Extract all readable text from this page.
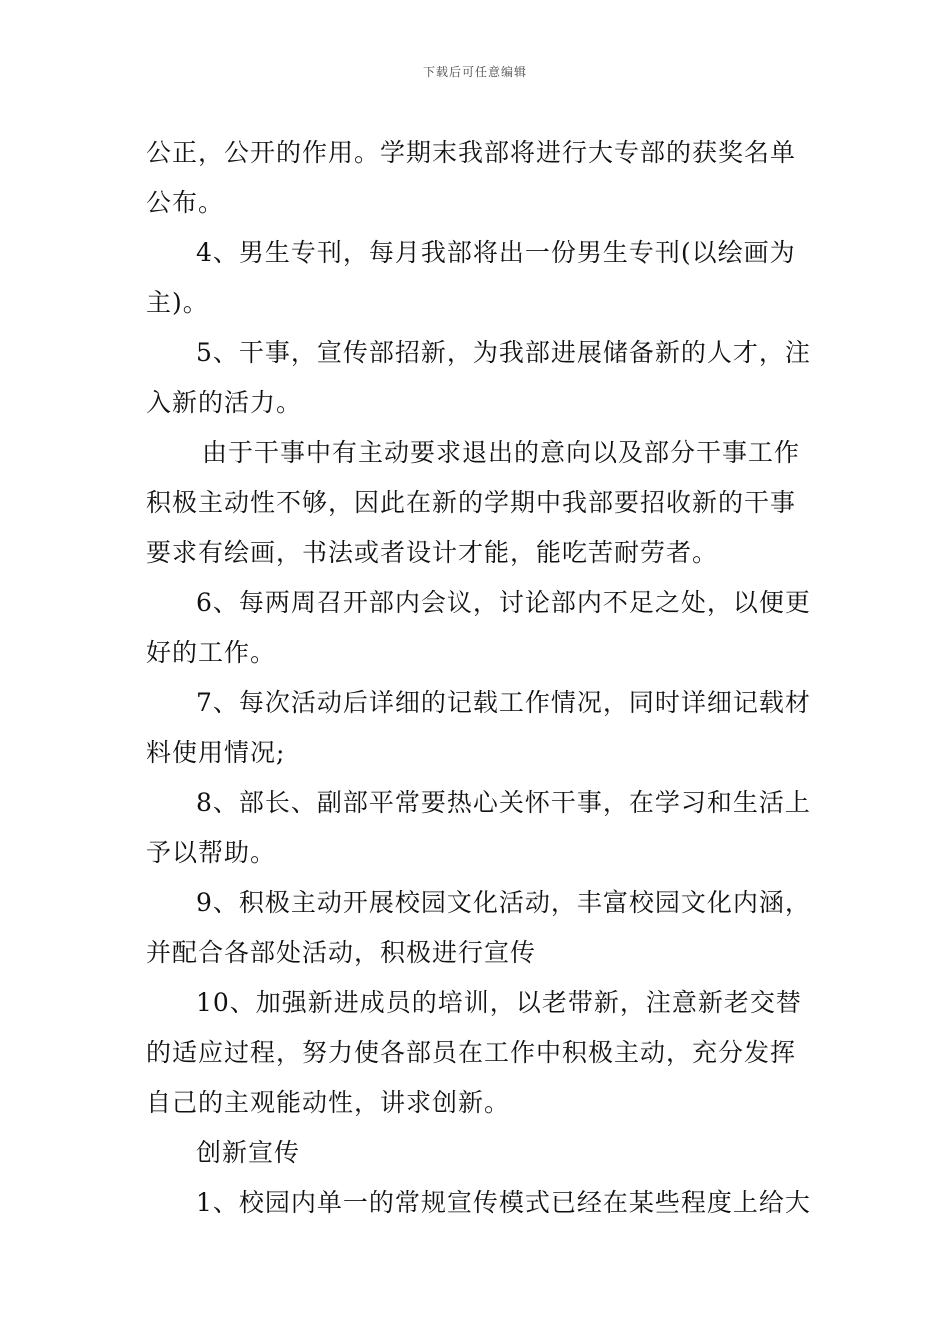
下载后可任意编辑

公正，公开的作用。学期末我部将进行大专部的获奖名单公布。

4、男生专刊，每月我部将出一份男生专刊(以绘画为主)。

5、干事，宣传部招新，为我部进展储备新的人才，注入新的活力。

由于干事中有主动要求退出的意向以及部分干事工作积极主动性不够，因此在新的学期中我部要招收新的干事要求有绘画，书法或者设计才能，能吃苦耐劳者。

6、每两周召开部内会议，讨论部内不足之处，以便更好的工作。

7、每次活动后详细的记载工作情况，同时详细记载材料使用情况;

8、部长、副部平常要热心关怀干事，在学习和生活上予以帮助。

9、积极主动开展校园文化活动，丰富校园文化内涵，并配合各部处活动，积极进行宣传

10、加强新进成员的培训，以老带新，注意新老交替的适应过程，努力使各部员在工作中积极主动，充分发挥自己的主观能动性，讲求创新。

创新宣传

1、校园内单一的常规宣传模式已经在某些程度上给大
